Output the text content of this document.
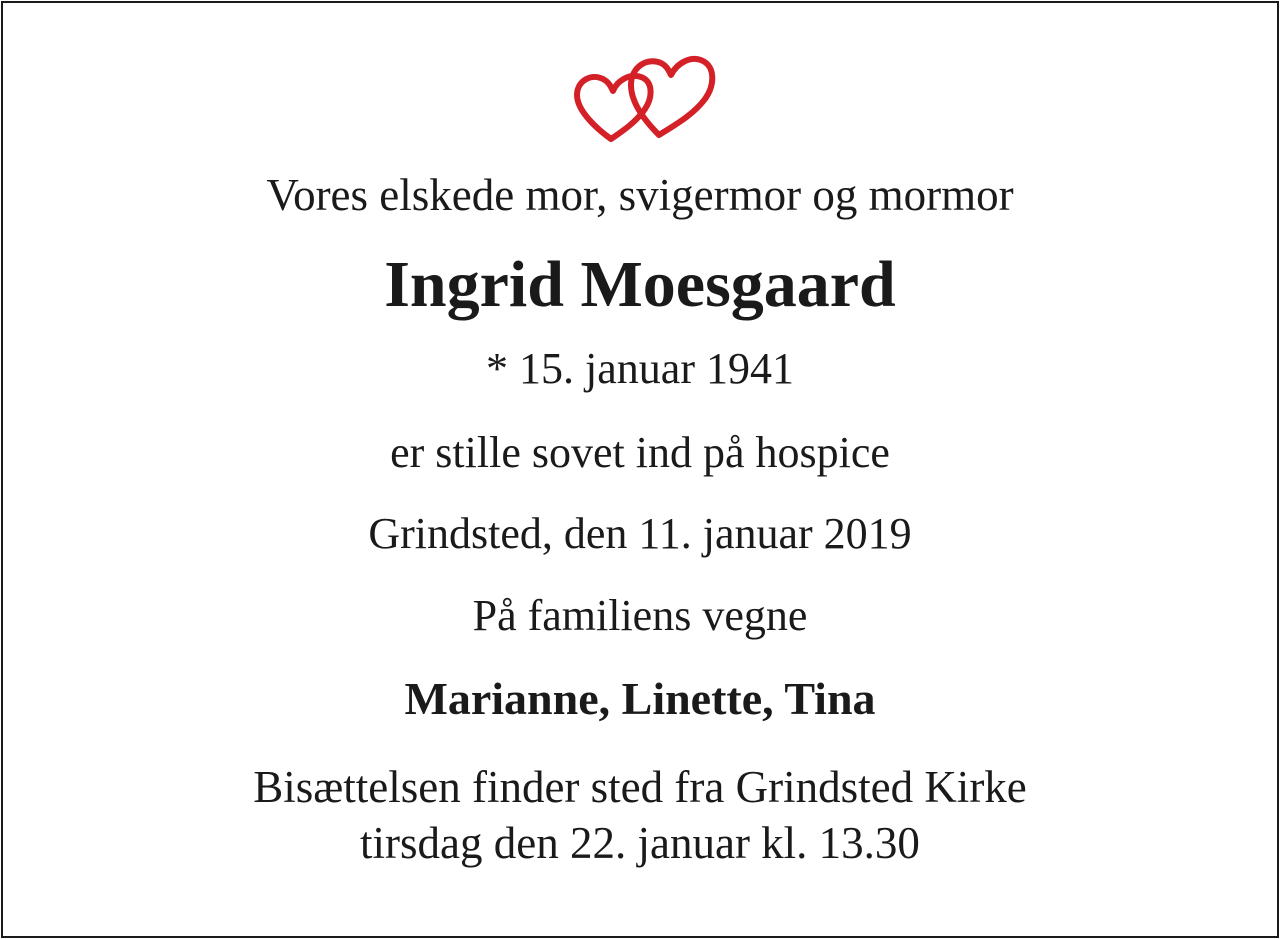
Vores elskede mor, svigermor og mormor
Ingrid Moesgaard
* 15. januar 1941
er stille sovet ind på hospice
Grindsted, den 11. januar 2019
På familiens vegne
Marianne, Linette, Tina
Bisættelsen finder sted fra Grindsted Kirke
tirsdag den 22. januar kl. 13.30
